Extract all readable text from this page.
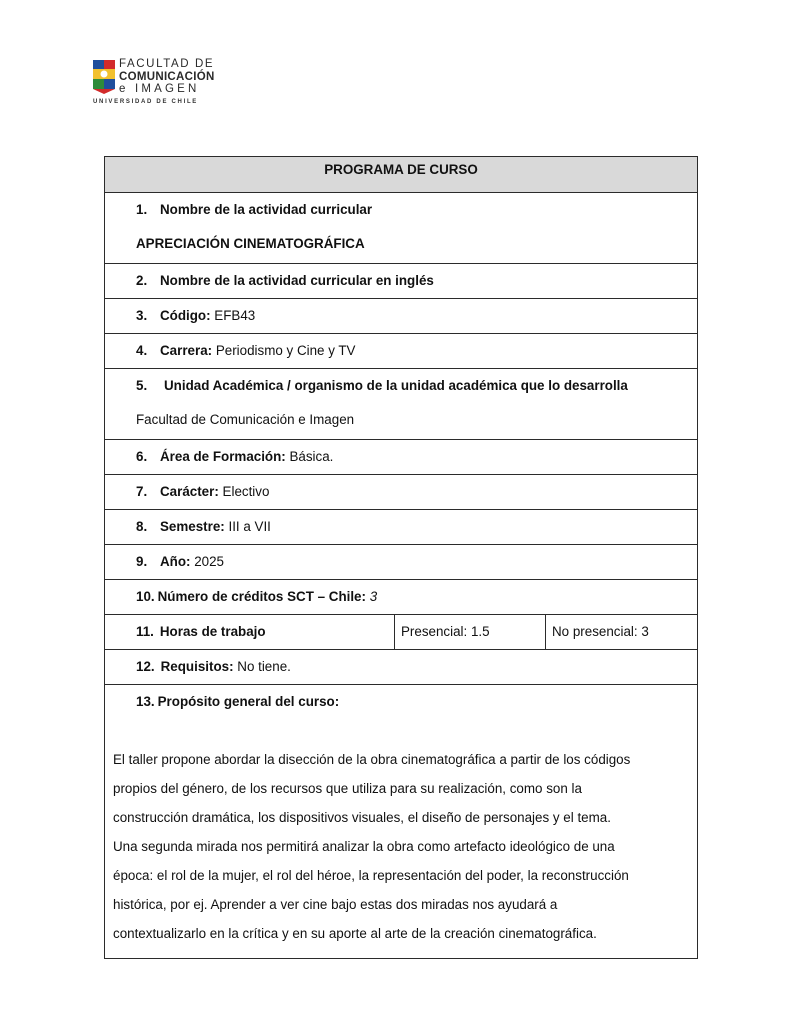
FACULTAD DE
COMUNICACIÓN
e IMAGEN
UNIVERSIDAD DE CHILE
PROGRAMA DE CURSO

1. Nombre de la actividad curricular
APRECIACIÓN CINEMATOGRÁFICA

2. Nombre de la actividad curricular en inglés

3. Código: EFB43

4. Carrera: Periodismo y Cine y TV

5. Unidad Académica / organismo de la unidad académica que lo desarrolla
Facultad de Comunicación e Imagen

6. Área de Formación: Básica.

7. Carácter: Electivo

8. Semestre: III a VII

9. Año: 2025

10. Número de créditos SCT – Chile: 3

11. Horas de trabajo	Presencial: 1.5	No presencial: 3

12. Requisitos: No tiene.

13. Propósito general del curso:
El taller propone abordar la disección de la obra cinematográfica a partir de los códigos
propios del género, de los recursos que utiliza para su realización, como son la
construcción dramática, los dispositivos visuales, el diseño de personajes y el tema.
Una segunda mirada nos permitirá analizar la obra como artefacto ideológico de una
época: el rol de la mujer, el rol del héroe, la representación del poder, la reconstrucción
histórica, por ej. Aprender a ver cine bajo estas dos miradas nos ayudará a
contextualizarlo en la crítica y en su aporte al arte de la creación cinematográfica.
